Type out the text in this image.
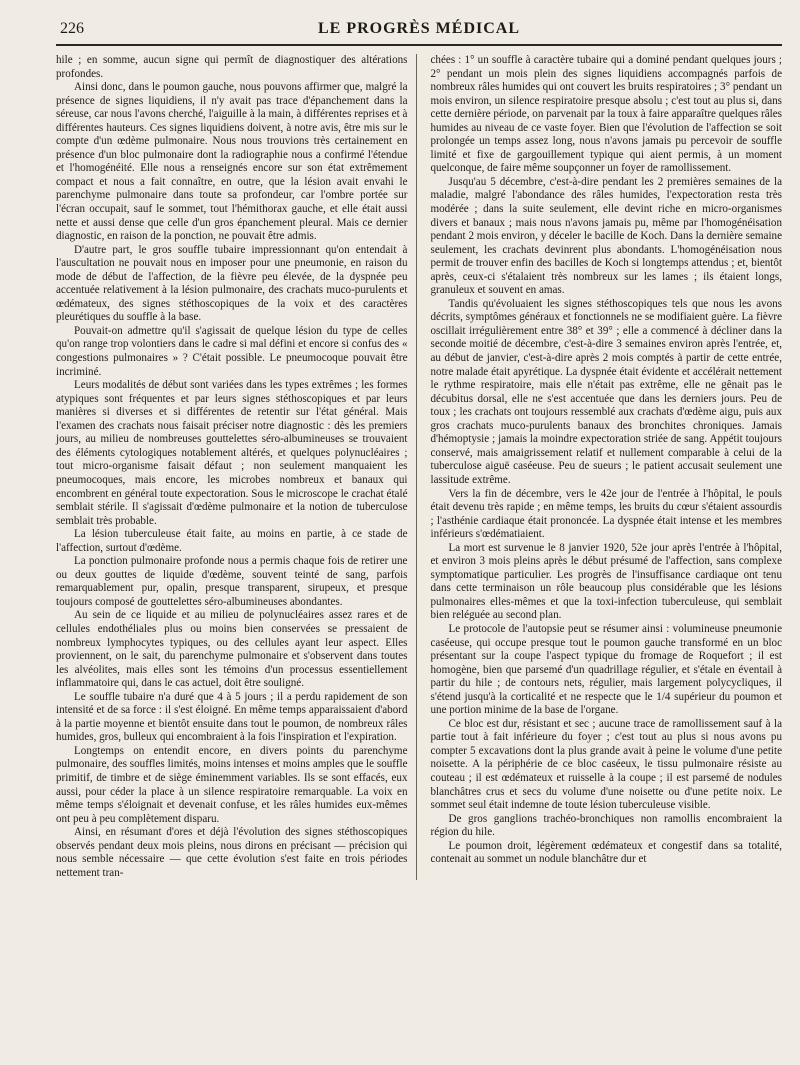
226	LE PROGRÈS MÉDICAL

hile ; en somme, aucun signe qui permît de diagnostiquer des altérations profondes.

Ainsi donc, dans le poumon gauche, nous pouvons affirmer que, malgré la présence de signes liquidiens, il n'y avait pas trace d'épanchement dans la séreuse, car nous l'avons cherché, l'aiguille à la main, à différentes reprises et à différentes hauteurs. Ces signes liquidiens doivent, à notre avis, être mis sur le compte d'un œdème pulmonaire. Nous nous trouvions très certainement en présence d'un bloc pulmonaire dont la radiographie nous a confirmé l'étendue et l'homogénéité. Elle nous a renseignés encore sur son état extrêmement compact et nous a fait connaître, en outre, que la lésion avait envahi le parenchyme pulmonaire dans toute sa profondeur, car l'ombre portée sur l'écran occupait, sauf le sommet, tout l'hémithorax gauche, et elle était aussi nette et aussi dense que celle d'un gros épanchement pleural. Mais ce dernier diagnostic, en raison de la ponction, ne pouvait être admis.

D'autre part, le gros souffle tubaire impressionnant qu'on entendait à l'auscultation ne pouvait nous en imposer pour une pneumonie, en raison du mode de début de l'affection, de la fièvre peu élevée, de la dyspnée peu accentuée relativement à la lésion pulmonaire, des crachats muco-purulents et œdémateux, des signes stéthoscopiques de la voix et des caractères pleurétiques du souffle à la base.

Pouvait-on admettre qu'il s'agissait de quelque lésion du type de celles qu'on range trop volontiers dans le cadre si mal défini et encore si confus des « congestions pulmonaires » ? C'était possible. Le pneumocoque pouvait être incriminé.

Leurs modalités de début sont variées dans les types extrêmes ; les formes atypiques sont fréquentes et par leurs signes stéthoscopiques et par leurs manières si diverses et si différentes de retentir sur l'état général. Mais l'examen des crachats nous faisait préciser notre diagnostic : dès les premiers jours, au milieu de nombreuses gouttelettes séro-albumineuses se trouvaient des éléments cytologiques notablement altérés, et quelques polynucléaires ; tout micro-organisme faisait défaut ; non seulement manquaient les pneumocoques, mais encore, les microbes nombreux et banaux qui encombrent en général toute expectoration. Sous le microscope le crachat étalé semblait stérile. Il s'agissait d'œdème pulmonaire et la notion de tuberculose semblait très probable.

La lésion tuberculeuse était faite, au moins en partie, à ce stade de l'affection, surtout d'œdème.

La ponction pulmonaire profonde nous a permis chaque fois de retirer une ou deux gouttes de liquide d'œdème, souvent teinté de sang, parfois remarquablement pur, opalin, presque transparent, sirupeux, et presque toujours composé de gouttelettes séro-albumineuses abondantes.

Au sein de ce liquide et au milieu de polynucléaires assez rares et de cellules endothéliales plus ou moins bien conservées se pressaient de nombreux lymphocytes typiques, ou des cellules ayant leur aspect. Elles proviennent, on le sait, du parenchyme pulmonaire et s'observent dans toutes les alvéolites, mais elles sont les témoins d'un processus essentiellement inflammatoire qui, dans le cas actuel, doit être souligné.

Le souffle tubaire n'a duré que 4 à 5 jours ; il a perdu rapidement de son intensité et de sa force : il s'est éloigné. En même temps apparaissaient d'abord à la partie moyenne et bientôt ensuite dans tout le poumon, de nombreux râles humides, gros, bulleux qui encombraient à la fois l'inspiration et l'expiration.

Longtemps on entendit encore, en divers points du parenchyme pulmonaire, des souffles limités, moins intenses et moins amples que le souffle primitif, de timbre et de siège éminemment variables. Ils se sont effacés, eux aussi, pour céder la place à un silence respiratoire remarquable. La voix en même temps s'éloignait et devenait confuse, et les râles humides eux-mêmes ont peu à peu complètement disparu.

Ainsi, en résumant d'ores et déjà l'évolution des signes stéthoscopiques observés pendant deux mois pleins, nous dirons en précisant — précision qui nous semble nécessaire — que cette évolution s'est faite en trois périodes nettement tran-

chées : 1° un souffle à caractère tubaire qui a dominé pendant quelques jours ; 2° pendant un mois plein des signes liquidiens accompagnés parfois de nombreux râles humides qui ont couvert les bruits respiratoires ; 3° pendant un mois environ, un silence respiratoire presque absolu ; c'est tout au plus si, dans cette dernière période, on parvenait par la toux à faire apparaître quelques râles humides au niveau de ce vaste foyer. Bien que l'évolution de l'affection se soit prolongée un temps assez long, nous n'avons jamais pu percevoir de souffle limité et fixe de gargouillement typique qui aient permis, à un moment quelconque, de faire même soupçonner un foyer de ramollissement.

Jusqu'au 5 décembre, c'est-à-dire pendant les 2 premières semaines de la maladie, malgré l'abondance des râles humides, l'expectoration resta très modérée ; dans la suite seulement, elle devint riche en micro-organismes divers et banaux ; mais nous n'avons jamais pu, même par l'homogénéisation pendant 2 mois environ, y déceler le bacille de Koch. Dans la dernière semaine seulement, les crachats devinrent plus abondants. L'homogénéisation nous permit de trouver enfin des bacilles de Koch si longtemps attendus ; et, bientôt après, ceux-ci s'étalaient très nombreux sur les lames ; ils étaient longs, granuleux et souvent en amas.

Tandis qu'évoluaient les signes stéthoscopiques tels que nous les avons décrits, symptômes généraux et fonctionnels ne se modifiaient guère. La fièvre oscillait irrégulièrement entre 38° et 39° ; elle a commencé à décliner dans la seconde moitié de décembre, c'est-à-dire 3 semaines environ après l'entrée, et, au début de janvier, c'est-à-dire après 2 mois comptés à partir de cette entrée, notre malade était apyrétique. La dyspnée était évidente et accélérait nettement le rythme respiratoire, mais elle n'était pas extrême, elle ne gênait pas le décubitus dorsal, elle ne s'est accentuée que dans les derniers jours. Peu de toux ; les crachats ont toujours ressemblé aux crachats d'œdème aigu, puis aux gros crachats muco-purulents banaux des bronchites chroniques. Jamais d'hémoptysie ; jamais la moindre expectoration striée de sang. Appétit toujours conservé, mais amaigrissement relatif et nullement comparable à celui de la tuberculose aiguë caséeuse. Peu de sueurs ; le patient accusait seulement une lassitude extrême.

Vers la fin de décembre, vers le 42e jour de l'entrée à l'hôpital, le pouls était devenu très rapide ; en même temps, les bruits du cœur s'étaient assourdis ; l'asthénie cardiaque était prononcée. La dyspnée était intense et les membres inférieurs s'œdématiaient.

La mort est survenue le 8 janvier 1920, 52e jour après l'entrée à l'hôpital, et environ 3 mois pleins après le début présumé de l'affection, sans complexe symptomatique particulier. Les progrès de l'insuffisance cardiaque ont tenu dans cette terminaison un rôle beaucoup plus considérable que les lésions pulmonaires elles-mêmes et que la toxi-infection tuberculeuse, qui semblait bien reléguée au second plan.

Le protocole de l'autopsie peut se résumer ainsi : volumineuse pneumonie caséeuse, qui occupe presque tout le poumon gauche transformé en un bloc présentant sur la coupe l'aspect typique du fromage de Roquefort ; il est homogène, bien que parsemé d'un quadrillage régulier, et s'étale en éventail à partir du hile ; de contours nets, régulier, mais largement polycycliques, il s'étend jusqu'à la corticalité et ne respecte que le 1/4 supérieur du poumon et une portion minime de la base de l'organe.

Ce bloc est dur, résistant et sec ; aucune trace de ramollissement sauf à la partie tout à fait inférieure du foyer ; c'est tout au plus si nous avons pu compter 5 excavations dont la plus grande avait à peine le volume d'une petite noisette. A la périphérie de ce bloc caséeux, le tissu pulmonaire résiste au couteau ; il est œdémateux et ruisselle à la coupe ; il est parsemé de nodules blanchâtres crus et secs du volume d'une noisette ou d'une petite noix. Le sommet seul était indemne de toute lésion tuberculeuse visible.

De gros ganglions trachéo-bronchiques non ramollis encombraient la région du hile.

Le poumon droit, légèrement œdémateux et congestif dans sa totalité, contenait au sommet un nodule blanchâtre dur et
